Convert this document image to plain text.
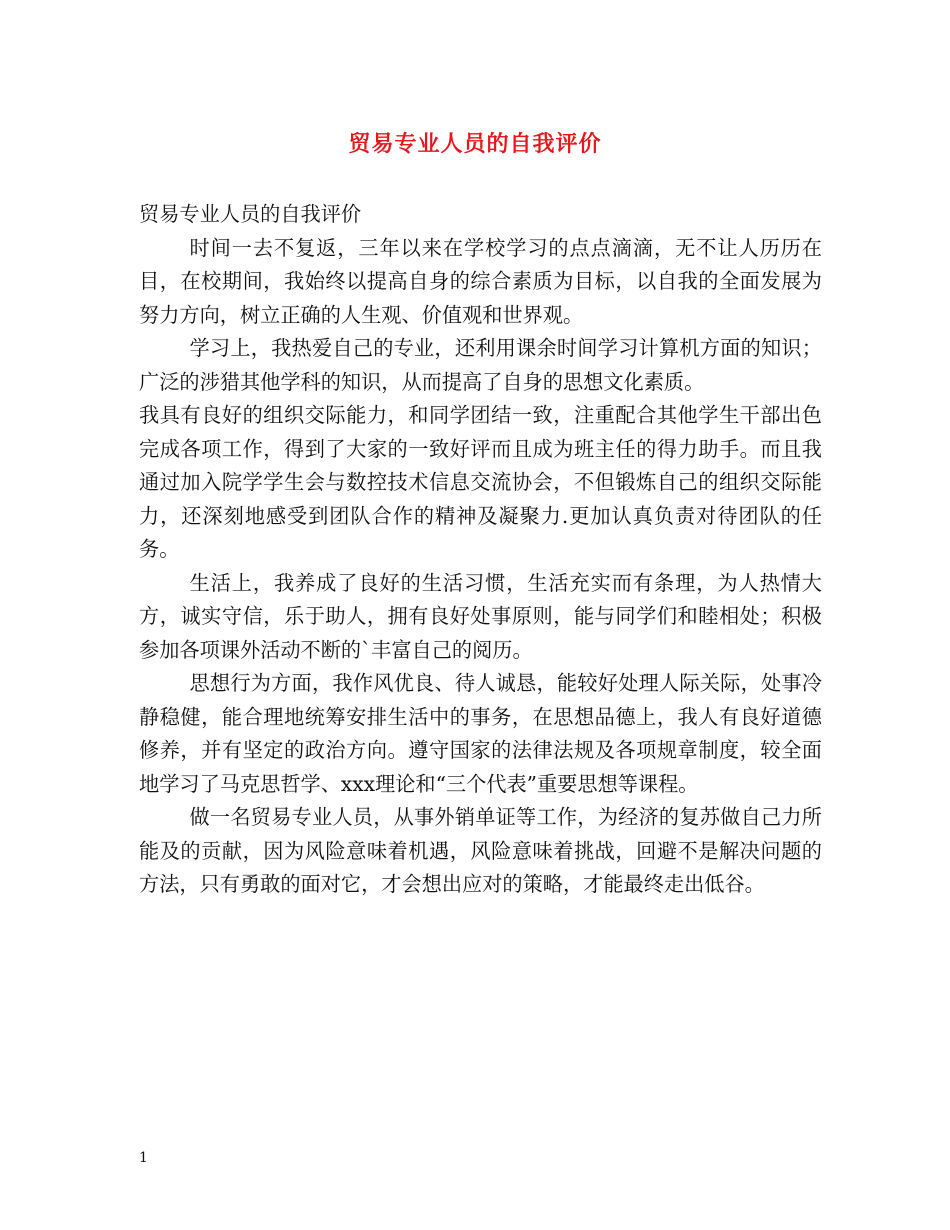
贸易专业人员的自我评价

贸易专业人员的自我评价

时间一去不复返，三年以来在学校学习的点点滴滴，无不让人历历在目，在校期间，我始终以提高自身的综合素质为目标，以自我的全面发展为努力方向，树立正确的人生观、价值观和世界观。

学习上，我热爱自己的专业，还利用课余时间学习计算机方面的知识；广泛的涉猎其他学科的知识，从而提高了自身的思想文化素质。

我具有良好的组织交际能力，和同学团结一致，注重配合其他学生干部出色完成各项工作，得到了大家的一致好评而且成为班主任的得力助手。而且我通过加入院学学生会与数控技术信息交流协会，不但锻炼自己的组织交际能力，还深刻地感受到团队合作的精神及凝聚力.更加认真负责对待团队的任务。

生活上，我养成了良好的生活习惯，生活充实而有条理，为人热情大方，诚实守信，乐于助人，拥有良好处事原则，能与同学们和睦相处；积极参加各项课外活动不断的`丰富自己的阅历。

思想行为方面，我作风优良、待人诚恳，能较好处理人际关际，处事冷静稳健，能合理地统筹安排生活中的事务，在思想品德上，我人有良好道德修养，并有坚定的政治方向。遵守国家的法律法规及各项规章制度，较全面地学习了马克思哲学、xxx理论和“三个代表”重要思想等课程。

做一名贸易专业人员，从事外销单证等工作，为经济的复苏做自己力所能及的贡献，因为风险意味着机遇，风险意味着挑战，回避不是解决问题的方法，只有勇敢的面对它，才会想出应对的策略，才能最终走出低谷。

1
